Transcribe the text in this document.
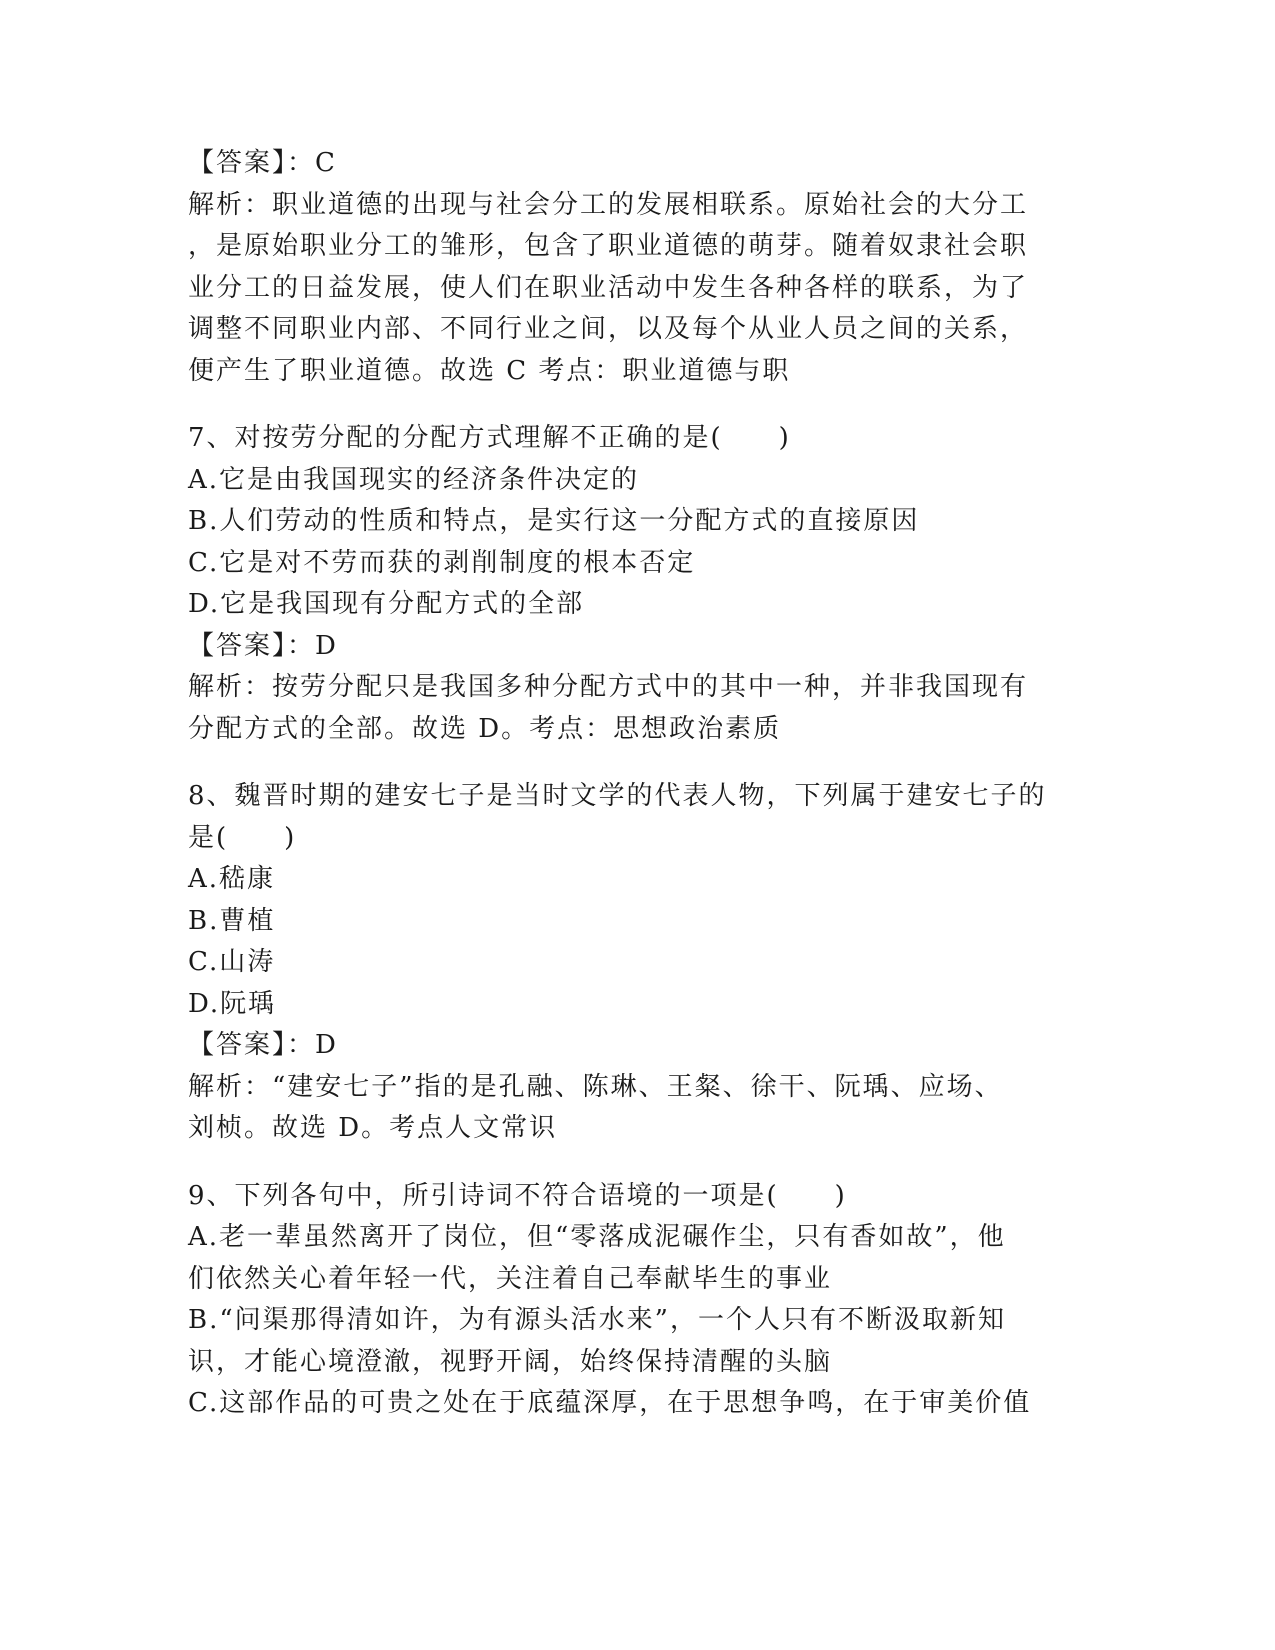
【答案】：C
解析：职业道德的出现与社会分工的发展相联系。原始社会的大分工
，是原始职业分工的雏形，包含了职业道德的萌芽。随着奴隶社会职
业分工的日益发展，使人们在职业活动中发生各种各样的联系，为了
调整不同职业内部、不同行业之间，以及每个从业人员之间的关系，
便产生了职业道德。故选 C 考点：职业道德与职
7、对按劳分配的分配方式理解不正确的是(　　)
A.它是由我国现实的经济条件决定的
B.人们劳动的性质和特点，是实行这一分配方式的直接原因
C.它是对不劳而获的剥削制度的根本否定
D.它是我国现有分配方式的全部
【答案】：D
解析：按劳分配只是我国多种分配方式中的其中一种，并非我国现有
分配方式的全部。故选 D。考点：思想政治素质
8、魏晋时期的建安七子是当时文学的代表人物，下列属于建安七子的
是(　　)
A.嵇康
B.曹植
C.山涛
D.阮瑀
【答案】：D
解析：“建安七子”指的是孔融、陈琳、王粲、徐干、阮瑀、应场、
刘桢。故选 D。考点人文常识
9、下列各句中，所引诗词不符合语境的一项是(　　)
A.老一辈虽然离开了岗位，但“零落成泥碾作尘，只有香如故”，他
们依然关心着年轻一代，关注着自己奉献毕生的事业
B.“问渠那得清如许，为有源头活水来”，一个人只有不断汲取新知
识，才能心境澄澈，视野开阔，始终保持清醒的头脑
C.这部作品的可贵之处在于底蕴深厚，在于思想争鸣，在于审美价值
